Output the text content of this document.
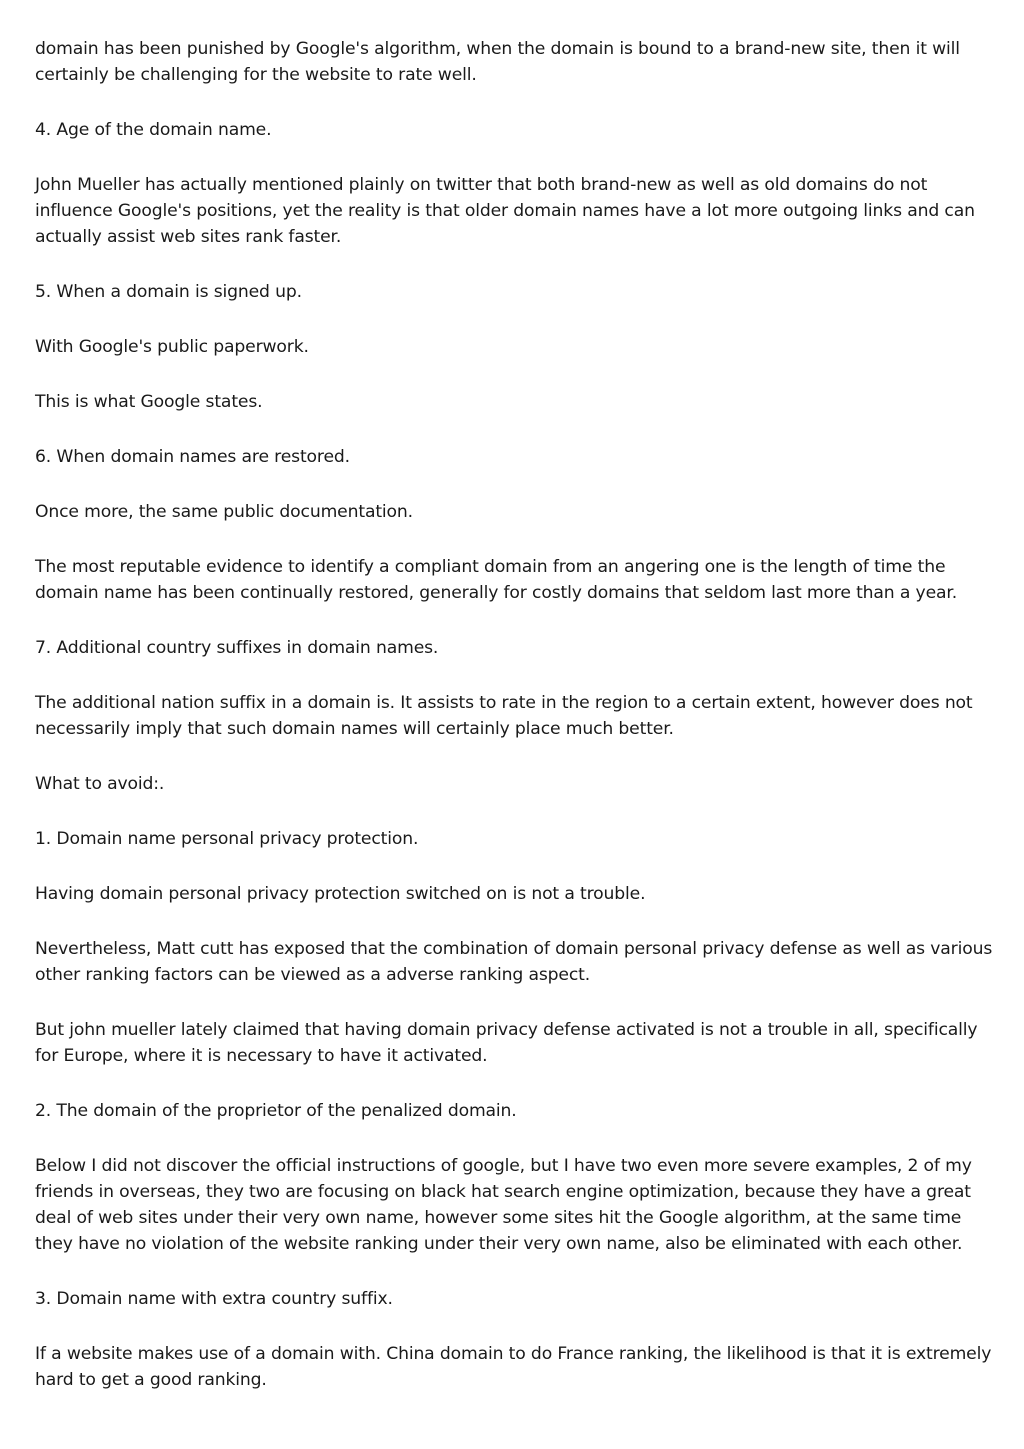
domain has been punished by Google's algorithm, when the domain is bound to a brand-new site, then it will certainly be challenging for the website to rate well.

4. Age of the domain name.

John Mueller has actually mentioned plainly on twitter that both brand-new as well as old domains do not influence Google's positions, yet the reality is that older domain names have a lot more outgoing links and can actually assist web sites rank faster.

5. When a domain is signed up.

With Google's public paperwork.

This is what Google states.

6. When domain names are restored.

Once more, the same public documentation.

The most reputable evidence to identify a compliant domain from an angering one is the length of time the domain name has been continually restored, generally for costly domains that seldom last more than a year.

7. Additional country suffixes in domain names.

The additional nation suffix in a domain is. It assists to rate in the region to a certain extent, however does not necessarily imply that such domain names will certainly place much better.

What to avoid:.

1. Domain name personal privacy protection.

Having domain personal privacy protection switched on is not a trouble.

Nevertheless, Matt cutt has exposed that the combination of domain personal privacy defense as well as various other ranking factors can be viewed as a adverse ranking aspect.

But john mueller lately claimed that having domain privacy defense activated is not a trouble in all, specifically for Europe, where it is necessary to have it activated.

2. The domain of the proprietor of the penalized domain.

Below I did not discover the official instructions of google, but I have two even more severe examples, 2 of my friends in overseas, they two are focusing on black hat search engine optimization, because they have a great deal of web sites under their very own name, however some sites hit the Google algorithm, at the same time they have no violation of the website ranking under their very own name, also be eliminated with each other.

3. Domain name with extra country suffix.

If a website makes use of a domain with. China domain to do France ranking, the likelihood is that it is extremely hard to get a good ranking.
